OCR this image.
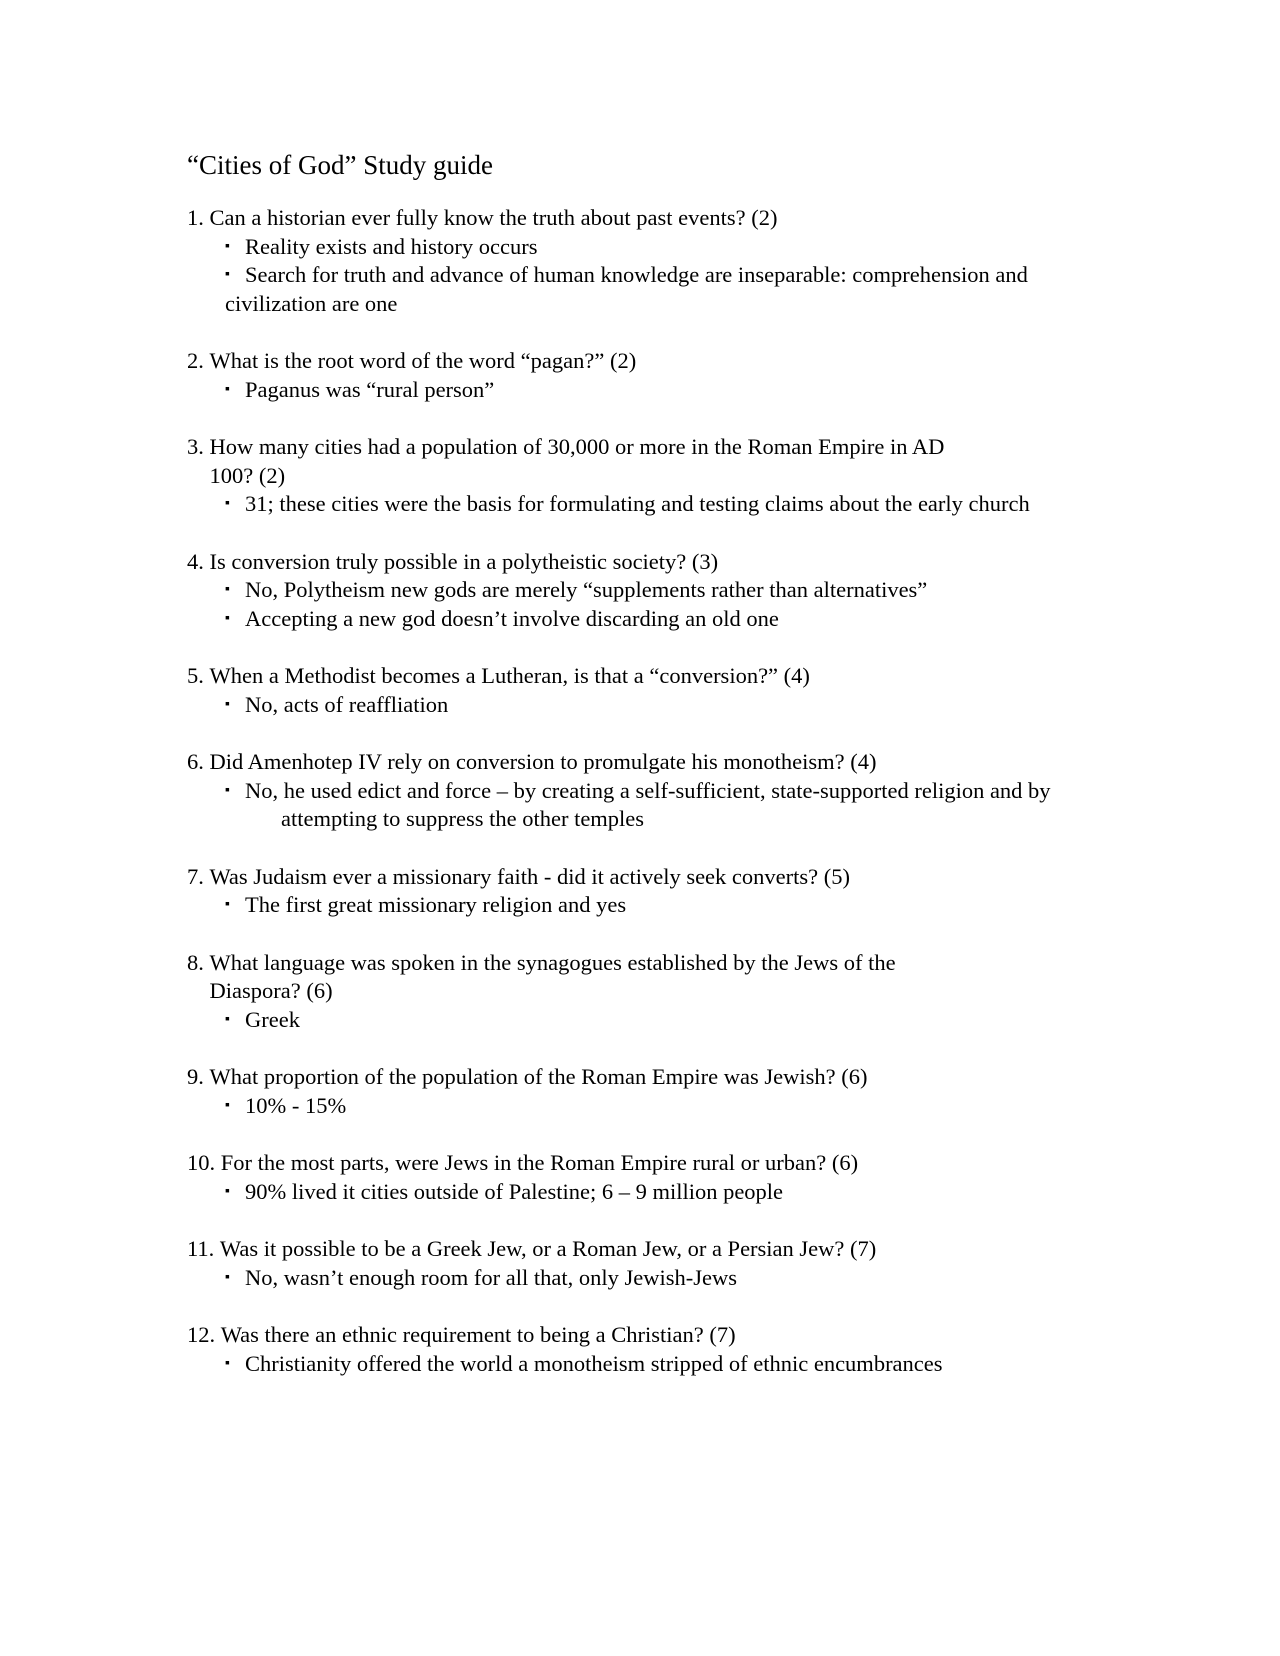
“Cities of God” Study guide
1. Can a historian ever fully know the truth about past events? (2)
▪ Reality exists and history occurs
▪ Search for truth and advance of human knowledge are inseparable: comprehension and civilization are one
2. What is the root word of the word “pagan?” (2)
▪ Paganus was “rural person”
3. How many cities had a population of 30,000 or more in the Roman Empire in AD 100? (2)
▪ 31; these cities were the basis for formulating and testing claims about the early church
4. Is conversion truly possible in a polytheistic society? (3)
▪ No, Polytheism new gods are merely “supplements rather than alternatives”
▪ Accepting a new god doesn’t involve discarding an old one
5. When a Methodist becomes a Lutheran, is that a “conversion?” (4)
▪ No, acts of reaffliation
6. Did Amenhotep IV rely on conversion to promulgate his monotheism? (4)
▪ No, he used edict and force – by creating a self-sufficient, state-supported religion and by attempting to suppress the other temples
7. Was Judaism ever a missionary faith - did it actively seek converts? (5)
▪ The first great missionary religion and yes
8. What language was spoken in the synagogues established by the Jews of the Diaspora? (6)
▪ Greek
9. What proportion of the population of the Roman Empire was Jewish? (6)
▪ 10% - 15%
10. For the most parts, were Jews in the Roman Empire rural or urban? (6)
▪ 90% lived it cities outside of Palestine; 6 – 9 million people
11. Was it possible to be a Greek Jew, or a Roman Jew, or a Persian Jew? (7)
▪ No, wasn’t enough room for all that, only Jewish-Jews
12. Was there an ethnic requirement to being a Christian? (7)
▪ Christianity offered the world a monotheism stripped of ethnic encumbrances
